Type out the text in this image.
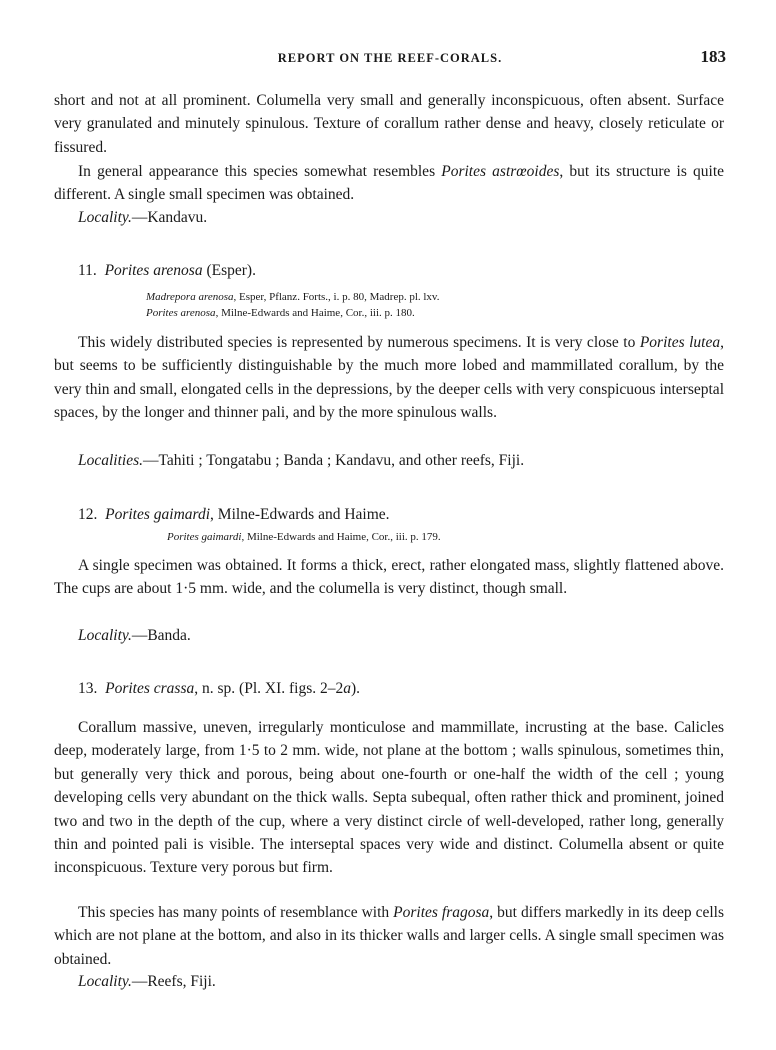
REPORT ON THE REEF-CORALS.	183

short and not at all prominent. Columella very small and generally inconspicuous, often absent. Surface very granulated and minutely spinulous. Texture of corallum rather dense and heavy, closely reticulate or fissured.

In general appearance this species somewhat resembles Porites astrœoides, but its structure is quite different. A single small specimen was obtained.

Locality.—Kandavu.

11. Porites arenosa (Esper).

Madrepora arenosa, Esper, Pflanz. Forts., i. p. 80, Madrep. pl. lxv.

Porites arenosa, Milne-Edwards and Haime, Cor., iii. p. 180.

This widely distributed species is represented by numerous specimens. It is very close to Porites lutea, but seems to be sufficiently distinguishable by the much more lobed and mammillated corallum, by the very thin and small, elongated cells in the depressions, by the deeper cells with very conspicuous interseptal spaces, by the longer and thinner pali, and by the more spinulous walls.

Localities.—Tahiti ; Tongatabu ; Banda ; Kandavu, and other reefs, Fiji.

12. Porites gaimardi, Milne-Edwards and Haime.

Porites gaimardi, Milne-Edwards and Haime, Cor., iii. p. 179.

A single specimen was obtained. It forms a thick, erect, rather elongated mass, slightly flattened above. The cups are about 1·5 mm. wide, and the columella is very distinct, though small.

Locality.—Banda.

13. Porites crassa, n. sp. (Pl. XI. figs. 2–2a).

Corallum massive, uneven, irregularly monticulose and mammillate, incrusting at the base. Calicles deep, moderately large, from 1·5 to 2 mm. wide, not plane at the bottom ; walls spinulous, sometimes thin, but generally very thick and porous, being about one-fourth or one-half the width of the cell ; young developing cells very abundant on the thick walls. Septa subequal, often rather thick and prominent, joined two and two in the depth of the cup, where a very distinct circle of well-developed, rather long, generally thin and pointed pali is visible. The interseptal spaces very wide and distinct. Columella absent or quite inconspicuous. Texture very porous but firm.

This species has many points of resemblance with Porites fragosa, but differs markedly in its deep cells which are not plane at the bottom, and also in its thicker walls and larger cells. A single small specimen was obtained.

Locality.—Reefs, Fiji.
